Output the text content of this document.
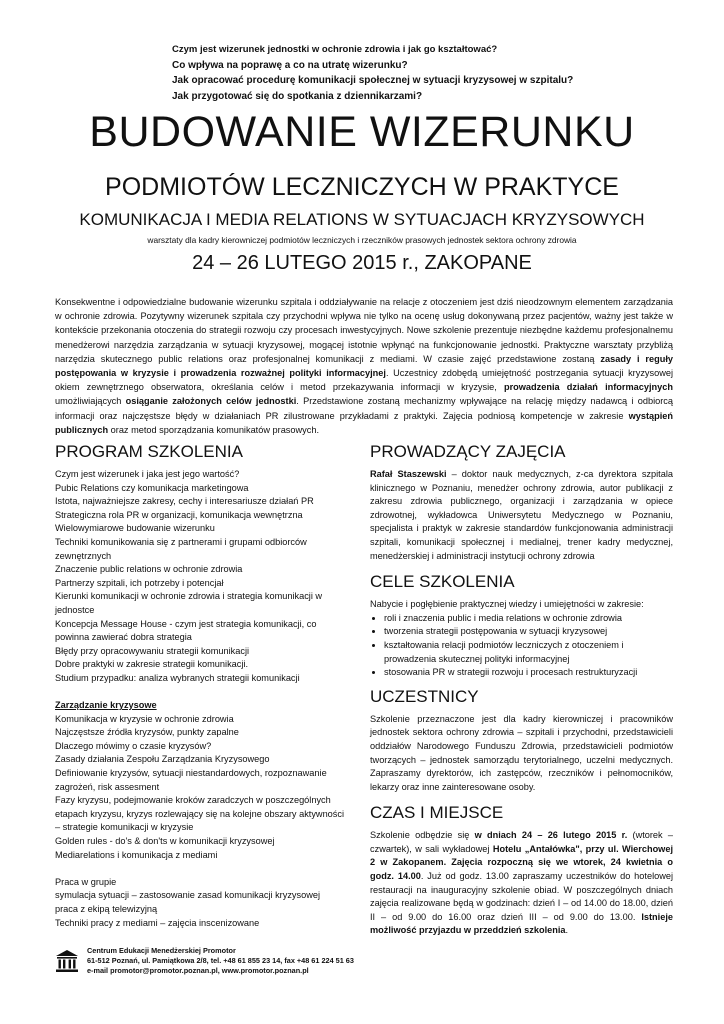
Czym jest wizerunek jednostki w ochronie zdrowia i jak go kształtować?

Co wpływa na poprawę a co na utratę wizerunku?

Jak opracować procedurę komunikacji społecznej w sytuacji kryzysowej w szpitalu?

Jak przygotować się do spotkania z dziennikarzami?

BUDOWANIE WIZERUNKU
PODMIOTÓW LECZNICZYCH W PRAKTYCE
KOMUNIKACJA I MEDIA RELATIONS W SYTUACJACH KRYZYSOWYCH
warsztaty dla kadry kierowniczej podmiotów leczniczych i rzeczników prasowych jednostek sektora ochrony zdrowia
24 – 26 LUTEGO 2015 r., ZAKOPANE

Konsekwentne i odpowiedzialne budowanie wizerunku szpitala i oddziaływanie na relacje z otoczeniem jest dziś nieodzownym elementem zarządzania w ochronie zdrowia. Pozytywny wizerunek szpitala czy przychodni wpływa nie tylko na ocenę usług dokonywaną przez pacjentów, ważny jest także w kontekście przekonania otoczenia do strategii rozwoju czy procesach inwestycyjnych. Nowe szkolenie prezentuje niezbędne każdemu profesjonalnemu menedżerowi narzędzia zarządzania w sytuacji kryzysowej, mogącej istotnie wpłynąć na funkcjonowanie jednostki. Praktyczne warsztaty przybliżą narzędzia skutecznego public relations oraz profesjonalnej komunikacji z mediami. W czasie zajęć przedstawione zostaną zasady i reguły postępowania w kryzysie i prowadzenia rozważnej polityki informacyjnej. Uczestnicy zdobędą umiejętność postrzegania sytuacji kryzysowej okiem zewnętrznego obserwatora, określania celów i metod przekazywania informacji w kryzysie, prowadzenia działań informacyjnych umożliwiających osiąganie założonych celów jednostki. Przedstawione zostaną mechanizmy wpływające na relację między nadawcą i odbiorcą informacji oraz najczęstsze błędy w działaniach PR zilustrowane przykładami z praktyki. Zajęcia podniosą kompetencje w zakresie wystąpień publicznych oraz metod sporządzania komunikatów prasowych.

PROGRAM SZKOLENIA
Czym jest wizerunek i jaka jest jego wartość?
Pubic Relations czy komunikacja marketingowa
Istota, najważniejsze zakresy, cechy i interesariusze działań PR
Strategiczna rola PR w organizacji, komunikacja wewnętrzna
Wielowymiarowe budowanie wizerunku
Techniki komunikowania się z partnerami i grupami odbiorców zewnętrznych
Znaczenie public relations w ochronie zdrowia
Partnerzy szpitali, ich potrzeby i potencjał
Kierunki komunikacji w ochronie zdrowia i strategia komunikacji w jednostce
Koncepcja Message House - czym jest strategia komunikacji, co powinna zawierać dobra strategia
Błędy przy opracowywaniu strategii komunikacji
Dobre praktyki w zakresie strategii komunikacji.
Studium przypadku: analiza wybranych strategii komunikacji
Zarządzanie kryzysowe
Komunikacja w kryzysie w ochronie zdrowia
Najczęstsze źródła kryzysów, punkty zapalne
Dlaczego mówimy o czasie kryzysów?
Zasady działania Zespołu Zarządzania Kryzysowego
Definiowanie kryzysów, sytuacji niestandardowych, rozpoznawanie zagrożeń, risk assesment
Fazy kryzysu, podejmowanie kroków zaradczych w poszczególnych etapach kryzysu, kryzys rozlewający się na kolejne obszary aktywności – strategie komunikacji w kryzysie
Golden rules - do's & don'ts w komunikacji kryzysowej
Mediarelations i komunikacja z mediami
Praca w grupie
symulacja sytuacji – zastosowanie zasad komunikacji kryzysowej
praca z ekipą telewizyjną
Techniki pracy z mediami – zajęcia inscenizowane
PROWADZĄCY ZAJĘCIA

Rafał Staszewski – doktor nauk medycznych, z-ca dyrektora szpitala klinicznego w Poznaniu, menedżer ochrony zdrowia, autor publikacji z zakresu zdrowia publicznego, organizacji i zarządzania w opiece zdrowotnej, wykładowca Uniwersytetu Medycznego w Poznaniu, specjalista i praktyk w zakresie standardów funkcjonowania administracji szpitali, komunikacji społecznej i medialnej, trener kadry medycznej, menedżerskiej i administracji instytucji ochrony zdrowia

CELE SZKOLENIA
Nabycie i pogłębienie praktycznej wiedzy i umiejętności w zakresie:
• roli i znaczenia public i media relations w ochronie zdrowia
• tworzenia strategii postępowania w sytuacji kryzysowej
• kształtowania relacji podmiotów leczniczych z otoczeniem i prowadzenia skutecznej polityki informacyjnej
• stosowania PR w strategii rozwoju i procesach restrukturyzacji
UCZESTNICY

Szkolenie przeznaczone jest dla kadry kierowniczej i pracowników jednostek sektora ochrony zdrowia – szpitali i przychodni, przedstawicieli oddziałów Narodowego Funduszu Zdrowia, przedstawicieli podmiotów tworzących – jednostek samorządu terytorialnego, uczelni medycznych. Zapraszamy dyrektorów, ich zastępców, rzeczników i pełnomocników, lekarzy oraz inne zainteresowane osoby.

CZAS I MIEJSCE

Szkolenie odbędzie się w dniach 24 – 26 lutego 2015 r. (wtorek – czwartek), w sali wykładowej Hotelu „Antałówka", przy ul. Wierchowej 2 w Zakopanem. Zajęcia rozpoczną się we wtorek, 24 kwietnia o godz. 14.00. Już od godz. 13.00 zapraszamy uczestników do hotelowej restauracji na inauguracyjny szkolenie obiad. W poszczególnych dniach zajęcia realizowane będą w godzinach: dzień I – od 14.00 do 18.00, dzień II – od 9.00 do 16.00 oraz dzień III – od 9.00 do 13.00. Istnieje możliwość przyjazdu w przeddzień szkolenia.

Centrum Edukacji Menedżerskiej Promotor
61-512 Poznań, ul. Pamiątkowa 2/8, tel. +48 61 855 23 14, fax +48 61 224 51 63
e-mail promotor@promotor.poznan.pl, www.promotor.poznan.pl
